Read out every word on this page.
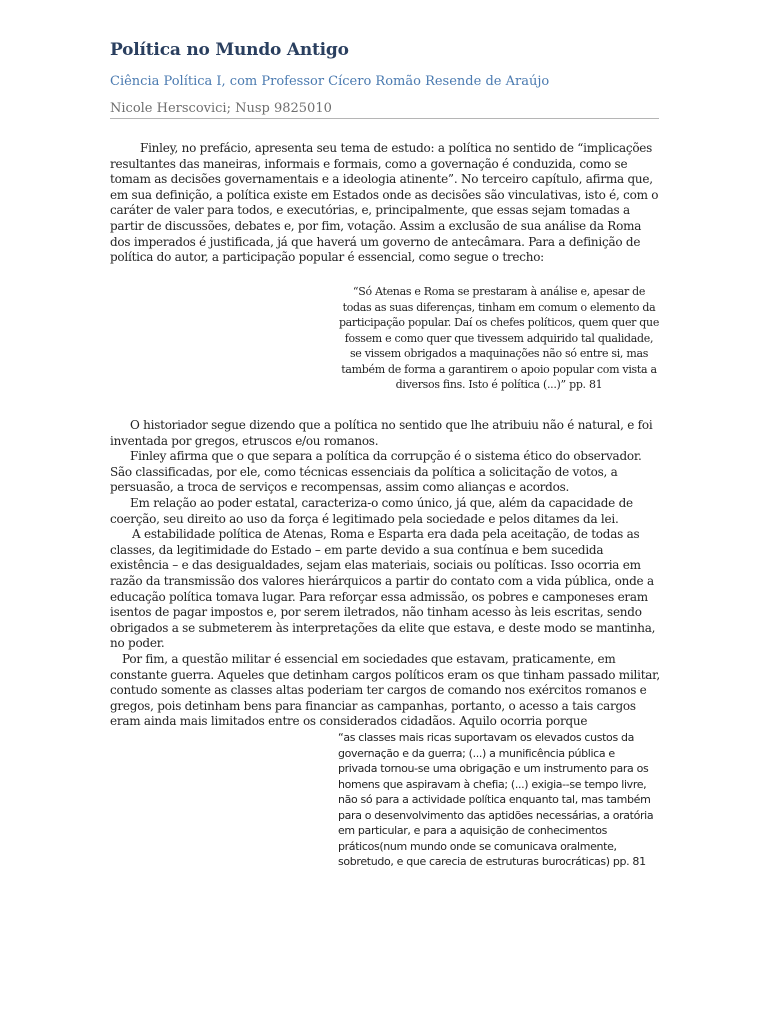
Política no Mundo Antigo
Ciência Política I, com Professor Cícero Romão Resende de Araújo
Nicole Herscovici; Nusp 9825010

Finley, no prefácio, apresenta seu tema de estudo: a política no sentido de “implicações resultantes das maneiras, informais e formais, como a governação é conduzida, como se tomam as decisões governamentais e a ideologia atinente”. No terceiro capítulo, afirma que, em sua definição, a política existe em Estados onde as decisões são vinculativas, isto é, com o caráter de valer para todos, e executórias, e, principalmente, que essas sejam tomadas a partir de discussões, debates e, por fim, votação. Assim a exclusão de sua análise da Roma dos imperados é justificada, já que haverá um governo de antecâmara. Para a definição de política do autor, a participação popular é essencial, como segue o trecho:

“Só Atenas e Roma se prestaram à análise e, apesar de todas as suas diferenças, tinham em comum o elemento da participação popular. Daí os chefes políticos, quem quer que fossem e como quer que tivessem adquirido tal qualidade, se vissem obrigados a maquinações não só entre si, mas também de forma a garantirem o apoio popular com vista a diversos fins. Isto é política (...)” pp. 81

O historiador segue dizendo que a política no sentido que lhe atribuiu não é natural, e foi inventada por gregos, etruscos e/ou romanos.

Finley afirma que o que separa a política da corrupção é o sistema ético do observador. São classificadas, por ele, como técnicas essenciais da política a solicitação de votos, a persuasão, a troca de serviços e recompensas, assim como alianças e acordos.

Em relação ao poder estatal, caracteriza-o como único, já que, além da capacidade de coerção, seu direito ao uso da força é legitimado pela sociedade e pelos ditames da lei.

A estabilidade política de Atenas, Roma e Esparta era dada pela aceitação, de todas as classes, da legitimidade do Estado – em parte devido a sua contínua e bem sucedida existência – e das desigualdades, sejam elas materiais, sociais ou políticas. Isso ocorria em razão da transmissão dos valores hierárquicos a partir do contato com a vida pública, onde a educação política tomava lugar. Para reforçar essa admissão, os pobres e camponeses eram isentos de pagar impostos e, por serem iletrados, não tinham acesso às leis escritas, sendo obrigados a se submeterem às interpretações da elite que estava, e deste modo se mantinha, no poder.

Por fim, a questão militar é essencial em sociedades que estavam, praticamente, em constante guerra. Aqueles que detinham cargos políticos eram os que tinham passado militar, contudo somente as classes altas poderiam ter cargos de comando nos exércitos romanos e gregos, pois detinham bens para financiar as campanhas, portanto, o acesso a tais cargos eram ainda mais limitados entre os considerados cidadãos. Aquilo ocorria porque

“as classes mais ricas suportavam os elevados custos da governação e da guerra; (...) a munificência pública e privada tornou-se uma obrigação e um instrumento para os homens que aspiravam à chefia; (...) exigia--se tempo livre, não só para a actividade política enquanto tal, mas também para o desenvolvimento das aptidões necessárias, a oratória em particular, e para a aquisição de conhecimentos práticos(num mundo onde se comunicava oralmente, sobretudo, e que carecia de estruturas burocráticas) pp. 81
